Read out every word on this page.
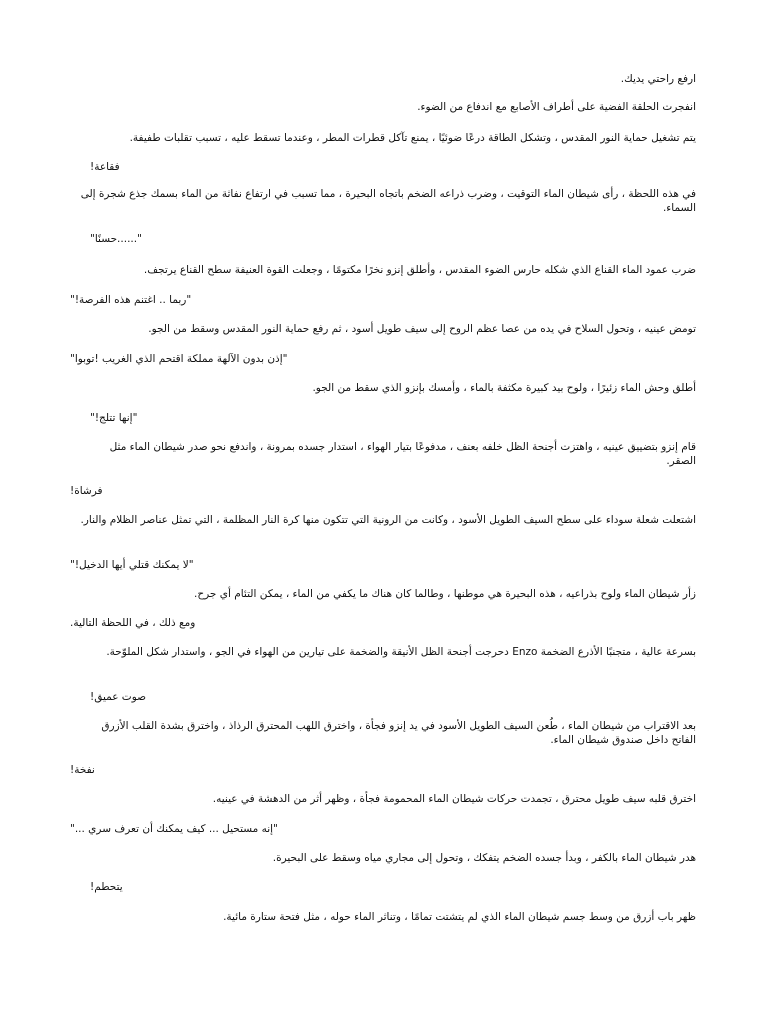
ارفع راحتي يديك.
انفجرت الحلقة الفضية على أطراف الأصابع مع اندفاع من الضوء.
يتم تشغيل حماية النور المقدس ، وتشكل الطاقة درعًا ضوئيًا ، يمنع تآكل قطرات المطر ، وعندما تسقط عليه ، تسبب تقلبات طفيفة.
فقاعة!
في هذه اللحظة ، رأى شيطان الماء التوقيت ، وضرب ذراعه الضخم باتجاه البحيرة ، مما تسبب في ارتفاع نفاثة من الماء بسمك جذع شجرة إلى السماء.
"......حسنًا"
ضرب عمود الماء القناع الذي شكله حارس الضوء المقدس ، وأطلق إنزو نخرًا مكتومًا ، وجعلت القوة العنيفة سطح القناع يرتجف.
"ربما .. اغتنم هذه الفرصة!"
تومض عينيه ، وتحول السلاح في يده من عصا عظم الروح إلى سيف طويل أسود ، ثم رفع حماية النور المقدس وسقط من الجو.
"إذن بدون الآلهة مملكة اقتحم الذي الغريب !توبوا"
أطلق وحش الماء زئيرًا ، ولوح بيد كبيرة مكثفة بالماء ، وأمسك بإنزو الذي سقط من الجو.
"إنها تتلج!"
قام إنزو بتضييق عينيه ، واهتزت أجنحة الظل خلفه بعنف ، مدفوعًا بتيار الهواء ، استدار جسده بمرونة ، واندفع نحو صدر شيطان الماء مثل الصقر.
فرشاة!
اشتعلت شعلة سوداء على سطح السيف الطويل الأسود ، وكانت من الرونية التي تتكون منها كرة النار المظلمة ، التي تمثل عناصر الظلام والنار.
"لا يمكنك قتلي أيها الدخيل!"
زأر شيطان الماء ولوح بذراعيه ، هذه البحيرة هي موطنها ، وطالما كان هناك ما يكفي من الماء ، يمكن التئام أي جرح.
ومع ذلك ، في اللحظة التالية.
بسرعة عالية ، متجنبًا الأذرع الضخمة Enzo دحرجت أجنحة الظل الأنيقة والضخمة على تيارين من الهواء في الجو ، واستدار شكل الملوّحة.
صوت عميق!
بعد الاقتراب من شيطان الماء ، طُعن السيف الطويل الأسود في يد إنزو فجأة ، واخترق اللهب المحترق الرذاذ ، واخترق بشدة القلب الأزرق الفاتح داخل صندوق شيطان الماء.
نفخة!
اخترق قلبه سيف طويل محترق ، تجمدت حركات شيطان الماء المحمومة فجأة ، وظهر أثر من الدهشة في عينيه.
"إنه مستحيل ... كيف يمكنك أن تعرف سري ..."
هدر شيطان الماء بالكفر ، وبدأ جسده الضخم يتفكك ، وتحول إلى مجاري مياه وسقط على البحيرة.
يتحطم!
ظهر باب أزرق من وسط جسم شيطان الماء الذي لم يتشتت تمامًا ، وتناثر الماء حوله ، مثل فتحة ستارة مائية.
